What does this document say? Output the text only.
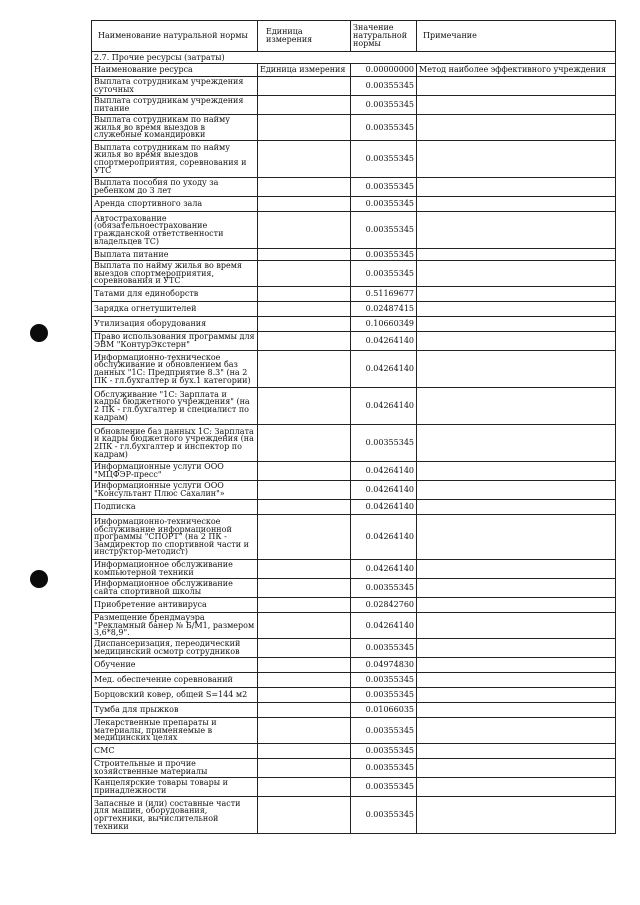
Наименование натуральной нормы	Единица измерения	Значение натуральной нормы	Примечание
2.7. Прочие ресурсы (затраты)			
Наименование ресурса	Единица измерения	0.00000000	Метод наиболее эффективного учреждения
Выплата сотрудникам учреждения суточных		0.00355345	
Выплата сотрудникам учреждения питание		0.00355345	
Выплата сотрудникам по найму жилья во время выездов в служебные командировки		0.00355345	
Выплата сотрудникам по найму жилья во время выездов спортмероприятия, соревнования и УТС		0.00355345	
Выплата пособия по уходу за ребенком до 3 лет		0.00355345	
Аренда спортивного зала		0.00355345	
Автострахование (обязательноестрахование гражданской ответственности владельцев ТС)		0.00355345	
Выплата питание		0.00355345	
Выплата по найму жилья во время выездов спортмероприятия, соревнования и УТС		0.00355345	
Татами для единоборств		0.51169677	
Зарядка огнетушителей		0.02487415	
Утилизация оборудования		0.10660349	
Право использования программы для ЭВМ "КонтурЭкстерн"		0.04264140	
Информационно-техническое обслуживание и обновлением баз данных "1С: Предприятие 8.3" (на 2 ПК - гл.бухгалтер и бух.1 категории)		0.04264140	
Обслуживание "1С: Зарплата и кадры бюджетного учреждения" (на 2 ПК - гл.бухгалтер и специалист по кадрам)		0.04264140	
Обновление баз данных 1С: Зарплата и кадры бюджетного учреждения (на 2ПК - гл.бухгалтер и инспектор по кадрам)		0.00355345	
Информационные услуги ООО "МЦФЭР-пресс"		0.04264140	
Информационные услуги ООО "Консультант Плюс Сахалин"»		0.04264140	
Подписка		0.04264140	
Информационно-техническое обслуживание информационной программы "СПОРТ" (на 2 ПК - Замдиректор по спортивной части и инструктор-методист)		0.04264140	
Информационное обслуживание компьютерной техники		0.04264140	
Информационное обслуживание сайта спортивной школы		0.00355345	
Приобретение антивируса		0.02842760	
Размещение брендмауэра "Рекламный банер № Б/М1, размером 3,6*8,9".		0.04264140	
Диспансеризация, переодический медицинский осмотр сотрудников		0.00355345	
Обучение		0.04974830	
Мед. обеспечение соревнований		0.00355345	
Борцовский ковер, общей S=144 м2		0.00355345	
Тумба для прыжков		0.01066035	
Лекарственные препараты и материалы, применяемые в медицинских целях		0.00355345	
СМС		0.00355345	
Строительные и прочие хозяйственные материалы		0.00355345	
Канцелярские товары товары и принадлежности		0.00355345	
Запасные и (или) составные части для машин, оборудования, оргтехники, вычислительной техники		0.00355345	
